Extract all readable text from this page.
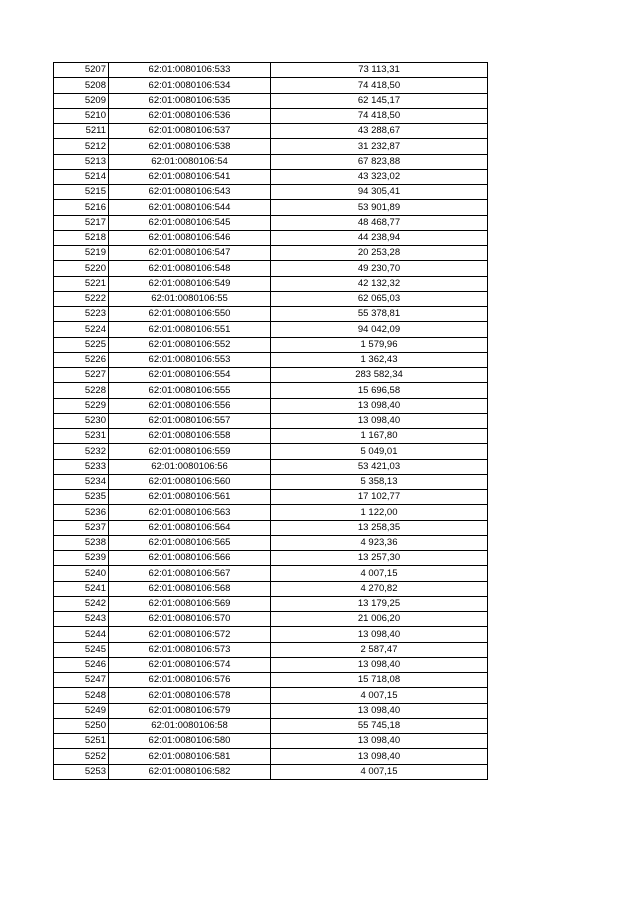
5207	62:01:0080106:533	73 113,31
5208	62:01:0080106:534	74 418,50
5209	62:01:0080106:535	62 145,17
5210	62:01:0080106:536	74 418,50
5211	62:01:0080106:537	43 288,67
5212	62:01:0080106:538	31 232,87
5213	62:01:0080106:54	67 823,88
5214	62:01:0080106:541	43 323,02
5215	62:01:0080106:543	94 305,41
5216	62:01:0080106:544	53 901,89
5217	62:01:0080106:545	48 468,77
5218	62:01:0080106:546	44 238,94
5219	62:01:0080106:547	20 253,28
5220	62:01:0080106:548	49 230,70
5221	62:01:0080106:549	42 132,32
5222	62:01:0080106:55	62 065,03
5223	62:01:0080106:550	55 378,81
5224	62:01:0080106:551	94 042,09
5225	62:01:0080106:552	1 579,96
5226	62:01:0080106:553	1 362,43
5227	62:01:0080106:554	283 582,34
5228	62:01:0080106:555	15 696,58
5229	62:01:0080106:556	13 098,40
5230	62:01:0080106:557	13 098,40
5231	62:01:0080106:558	1 167,80
5232	62:01:0080106:559	5 049,01
5233	62:01:0080106:56	53 421,03
5234	62:01:0080106:560	5 358,13
5235	62:01:0080106:561	17 102,77
5236	62:01:0080106:563	1 122,00
5237	62:01:0080106:564	13 258,35
5238	62:01:0080106:565	4 923,36
5239	62:01:0080106:566	13 257,30
5240	62:01:0080106:567	4 007,15
5241	62:01:0080106:568	4 270,82
5242	62:01:0080106:569	13 179,25
5243	62:01:0080106:570	21 006,20
5244	62:01:0080106:572	13 098,40
5245	62:01:0080106:573	2 587,47
5246	62:01:0080106:574	13 098,40
5247	62:01:0080106:576	15 718,08
5248	62:01:0080106:578	4 007,15
5249	62:01:0080106:579	13 098,40
5250	62:01:0080106:58	55 745,18
5251	62:01:0080106:580	13 098,40
5252	62:01:0080106:581	13 098,40
5253	62:01:0080106:582	4 007,15
